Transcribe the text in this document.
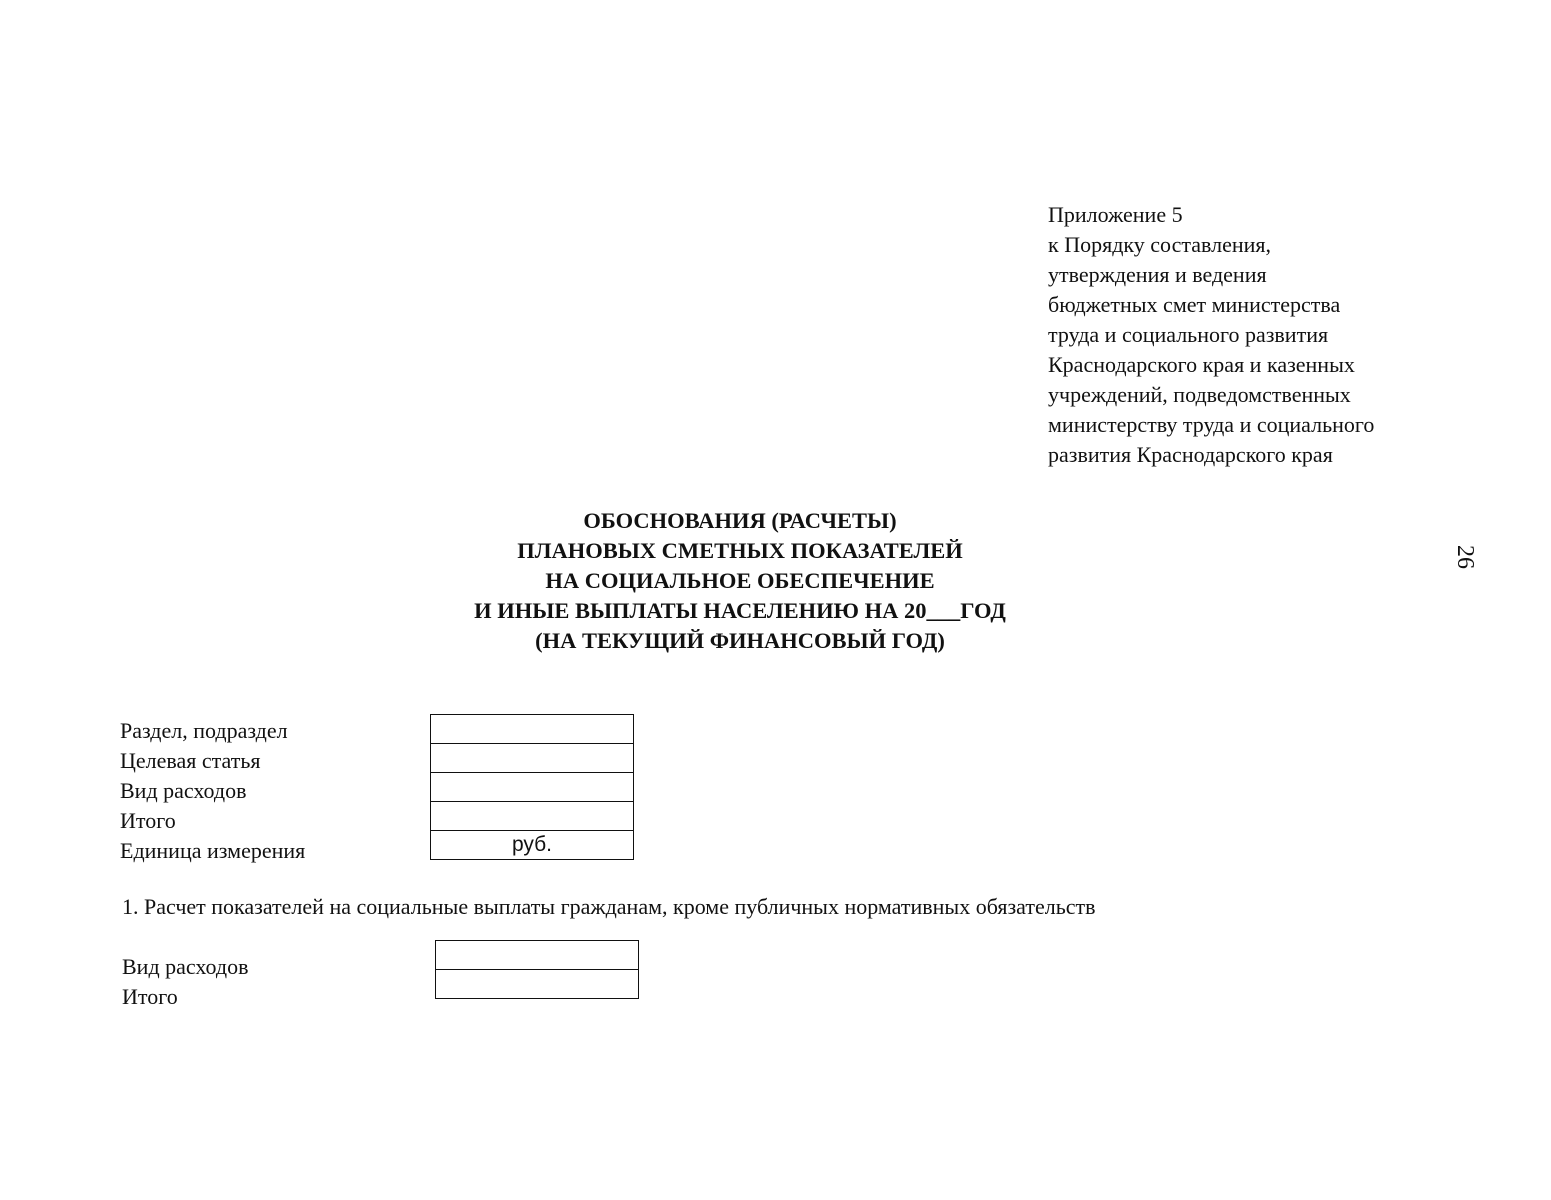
Приложение 5
к Порядку составления,
утверждения и ведения
бюджетных смет министерства
труда и социального развития
Краснодарского края и казенных
учреждений, подведомственных
министерству труда и социального
развития Краснодарского края
26
ОБОСНОВАНИЯ (РАСЧЕТЫ)
ПЛАНОВЫХ СМЕТНЫХ ПОКАЗАТЕЛЕЙ
НА СОЦИАЛЬНОЕ ОБЕСПЕЧЕНИЕ
И ИНЫЕ ВЫПЛАТЫ НАСЕЛЕНИЮ НА 20___ГОД
(НА ТЕКУЩИЙ ФИНАНСОВЫЙ ГОД)
Раздел, подраздел
Целевая статья
Вид расходов
Итого
Единица измерения	руб.
1. Расчет показателей на социальные выплаты гражданам, кроме публичных нормативных обязательств
Вид расходов
Итого
